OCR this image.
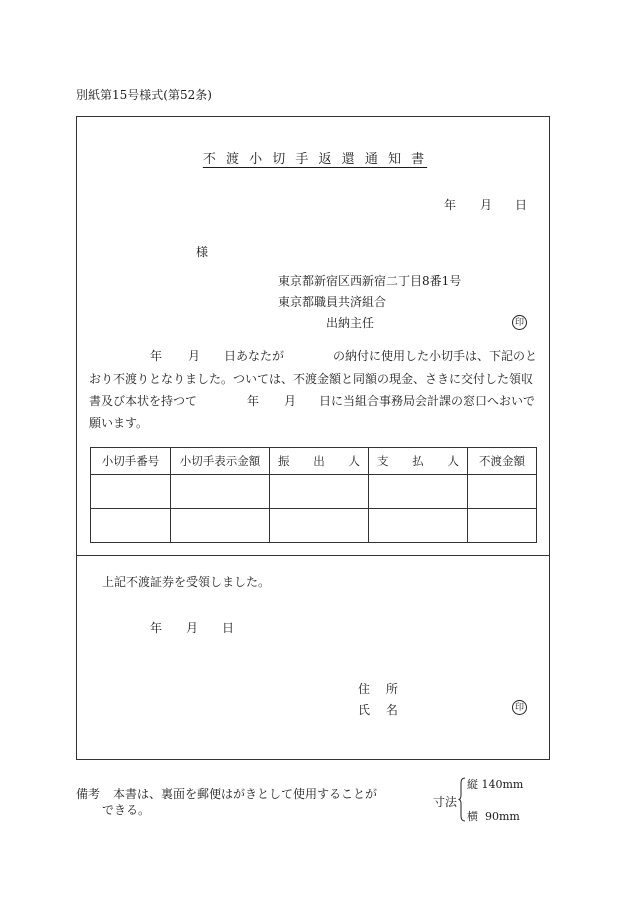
別紙第15号様式(第52条)
不 渡 小 切 手 返 還 通 知 書
年 月 日
様
東京都新宿区西新宿二丁目8番1号
東京都職員共済組合
出納主任	印
年 月 日あなたが	の納付に使用した小切手は、下記のと
おり不渡りとなりました。ついては、不渡金額と同額の現金、さきに交付した領収
書及び本状を持つて	年 月 日に当組合事務局会計課の窓口へおいで
願います。
小切手番号	小切手表示金額	振 出 人	支 払 人	不渡金額

上記不渡証券を受領しました。
年 月 日
住 所
氏 名	印
備考 本書は、裏面を郵便はがきとして使用することが
できる。
寸法
縦 140mm
横  90mm
